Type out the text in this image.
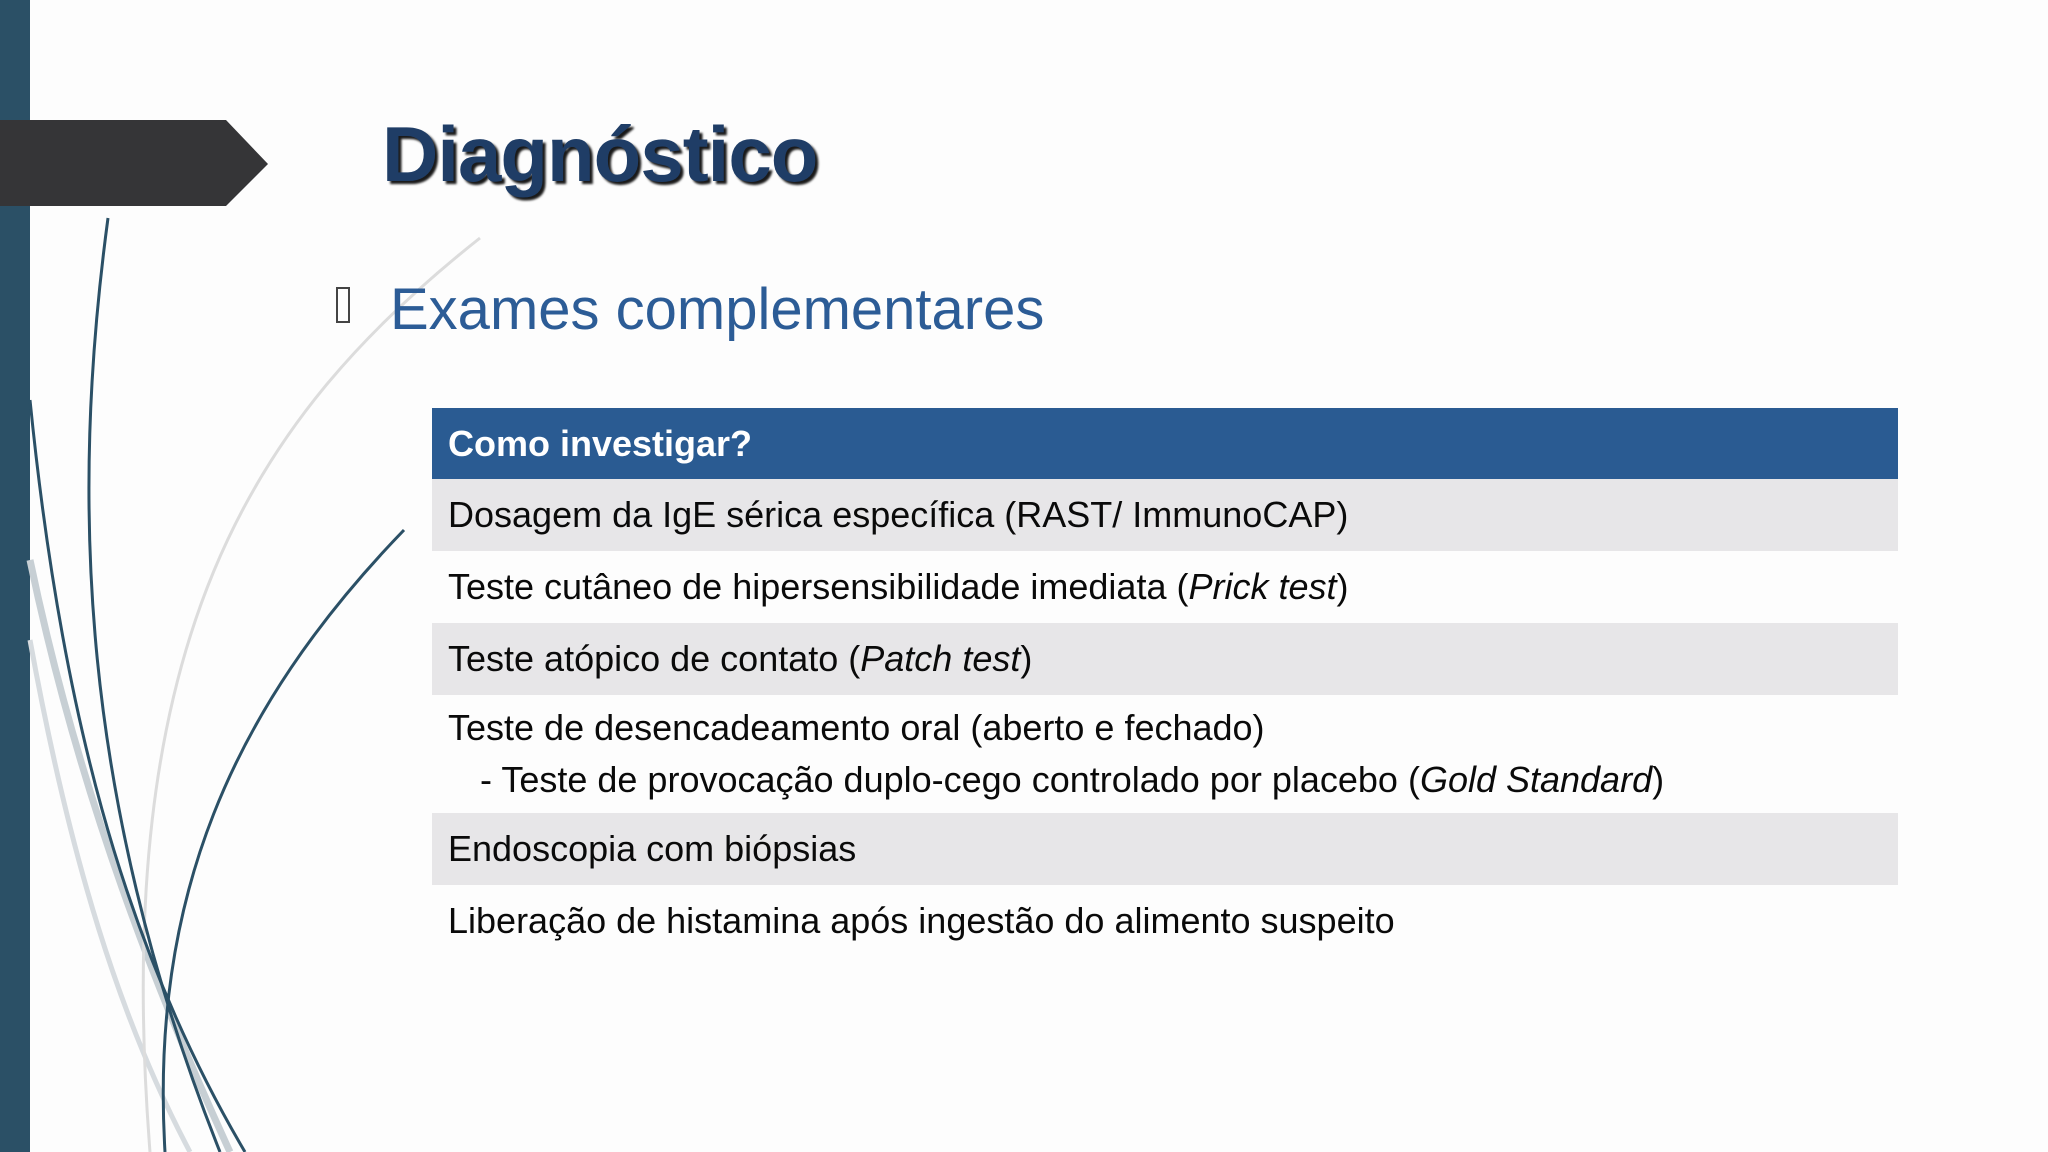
Diagnóstico
Exames complementares
Como investigar?
Dosagem da IgE sérica específica (RAST/ ImmunoCAP)
Teste cutâneo de hipersensibilidade imediata (Prick test)
Teste atópico de contato (Patch test)

Teste de desencadeamento oral (aberto e fechado)
- Teste de provocação duplo-cego controlado por placebo (Gold Standard)

Endoscopia com biópsias
Liberação de histamina após ingestão do alimento suspeito
